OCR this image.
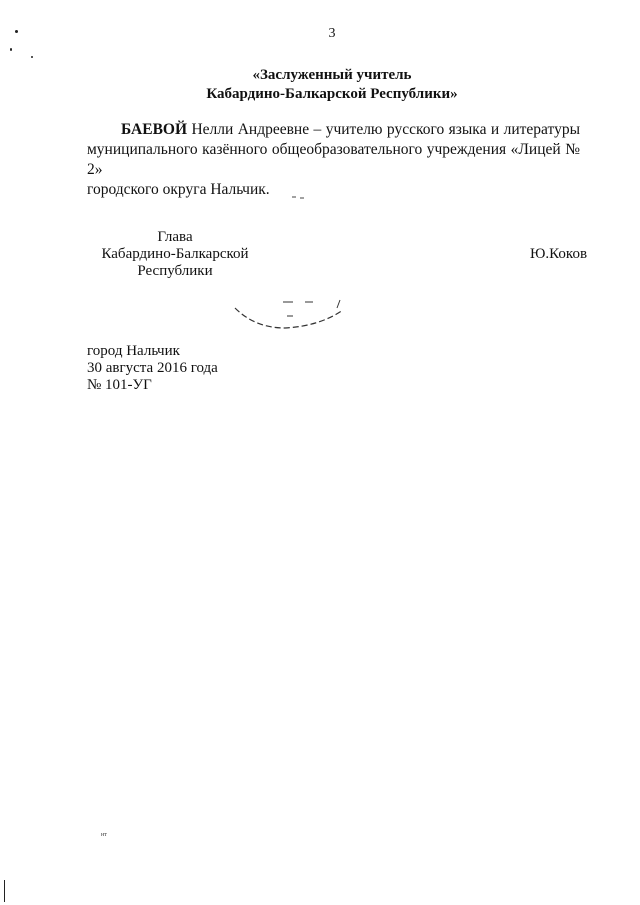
3
«Заслуженный учитель
Кабардино-Балкарской Республики»
БАЕВОЙ Нелли Андреевне – учителю русского языка и литературы
муниципального казённого общеобразовательного учреждения «Лицей № 2»
городского округа Нальчик.
Глава
Кабардино-Балкарской
Республики
Ю.Коков
город Нальчик
30 августа 2016 года
№ 101-УГ
нт
